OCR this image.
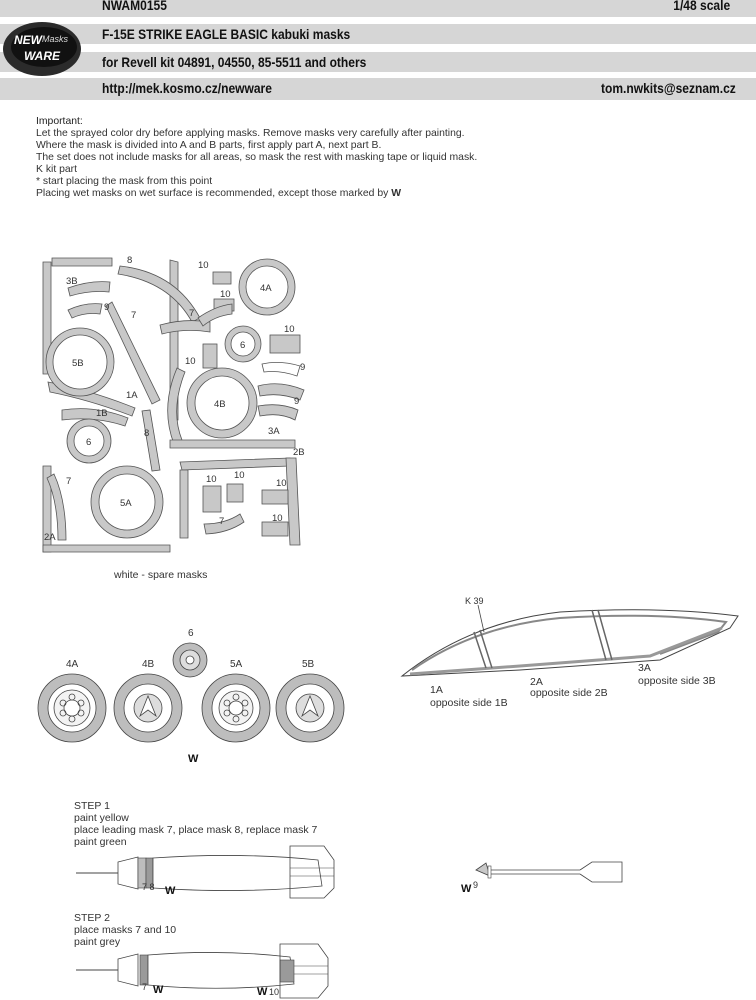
NWAM0155	1/48 scale
F-15E STRIKE EAGLE BASIC kabuki masks
for Revell kit 04891, 04550, 85-5511 and others
http://mek.kosmo.cz/newware	tom.nwkits@seznam.cz
NEW Masks
WARE
Important:
Let the sprayed color dry before applying masks. Remove masks very carefully after painting.
Where the mask is divided into A and B parts, first apply part A, next part B.
The set does not include masks for all areas, so mask the rest with masking tape or liquid mask.
K kit part
* start placing the mask from this point
Placing wet masks on wet surface is recommended, except those marked by W
8
3B
9
7
5B
1A
1B
6
8
7
5A
2A
10
10
4A
7
10
6
10
4B
9
9
3A
2B
10 10
10
7	10
white - spare masks
4A	4B
6
5A	5B
W
K 39
1A
opposite side 1B
2A
opposite side 2B
3A
opposite side 3B
STEP 1
paint yellow
place leading mask 7, place mask 8, replace mask 7
paint green
7 8 W	W 9
STEP 2
place masks 7 and 10
paint grey
7 W	W 10
